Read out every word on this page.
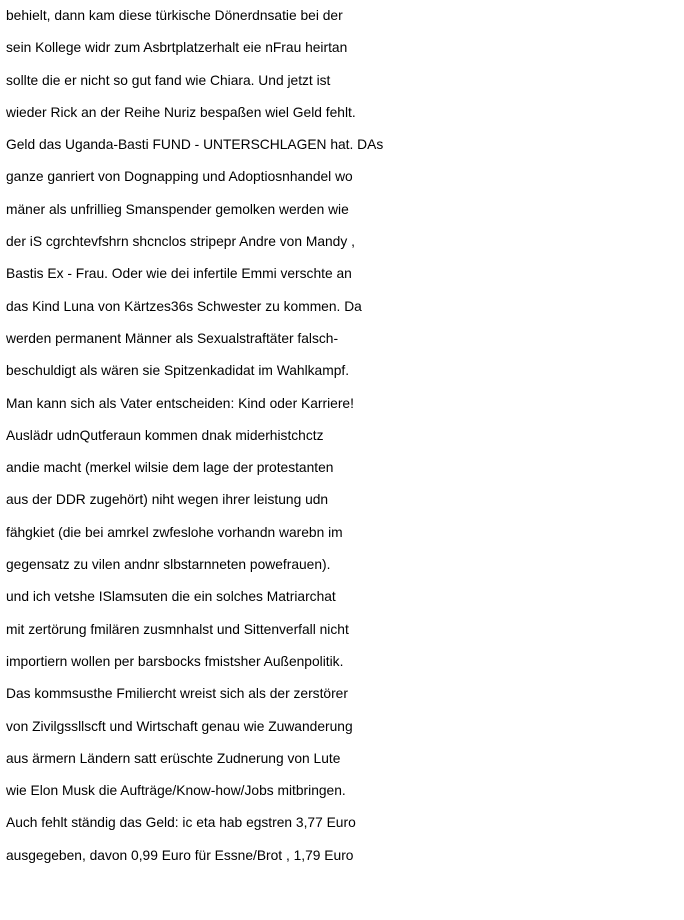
behielt, dann kam diese türkische Dönerdnsatie bei der
sein Kollege widr zum Asbrtplatzerhalt eie nFrau heirtan
sollte die er nicht so gut fand wie Chiara. Und jetzt ist
wieder Rick an der Reihe Nuriz bespaßen wiel Geld fehlt.
Geld das Uganda-Basti FUND - UNTERSCHLAGEN hat. DAs
ganze ganriert von Dognapping und Adoptiosnhandel wo
mäner als unfrillieg Smanspender gemolken werden wie
der iS cgrchtevfshrn shcnclos stripepr Andre von Mandy ,
Bastis Ex - Frau. Oder wie dei infertile Emmi verschte an
das Kind Luna von Kärtzes36s Schwester zu kommen. Da
werden permanent Männer als Sexualstraftäter falsch-
beschuldigt als wären sie Spitzenkadidat im Wahlkampf.
Man kann sich als Vater entscheiden: Kind oder Karriere!
Auslädr udnQutferaun kommen dnak miderhistchctz
andie macht (merkel wilsie dem lage der protestanten
aus der DDR zugehört) niht wegen ihrer leistung udn
fähgkiet (die bei amrkel zwfeslohe vorhandn warebn im
gegensatz zu vilen andnr slbstarnneten powefrauen).
und ich vetshe ISlamsuten die ein solches Matriarchat
mit zertörung fmilären zusmnhalst und Sittenverfall nicht
importiern wollen per barsbocks fmistsher Außenpolitik.
Das kommsusthe Fmiliercht wreist sich als der zerstörer
von Zivilgssllscft und Wirtschaft genau wie Zuwanderung
aus ärmern Ländern satt erüschte Zudnerung von Lute
wie Elon Musk die Aufträge/Know-how/Jobs mitbringen.
Auch fehlt ständig das Geld: ic eta hab egstren 3,77 Euro
ausgegeben, davon 0,99 Euro für Essne/Brot , 1,79 Euro
